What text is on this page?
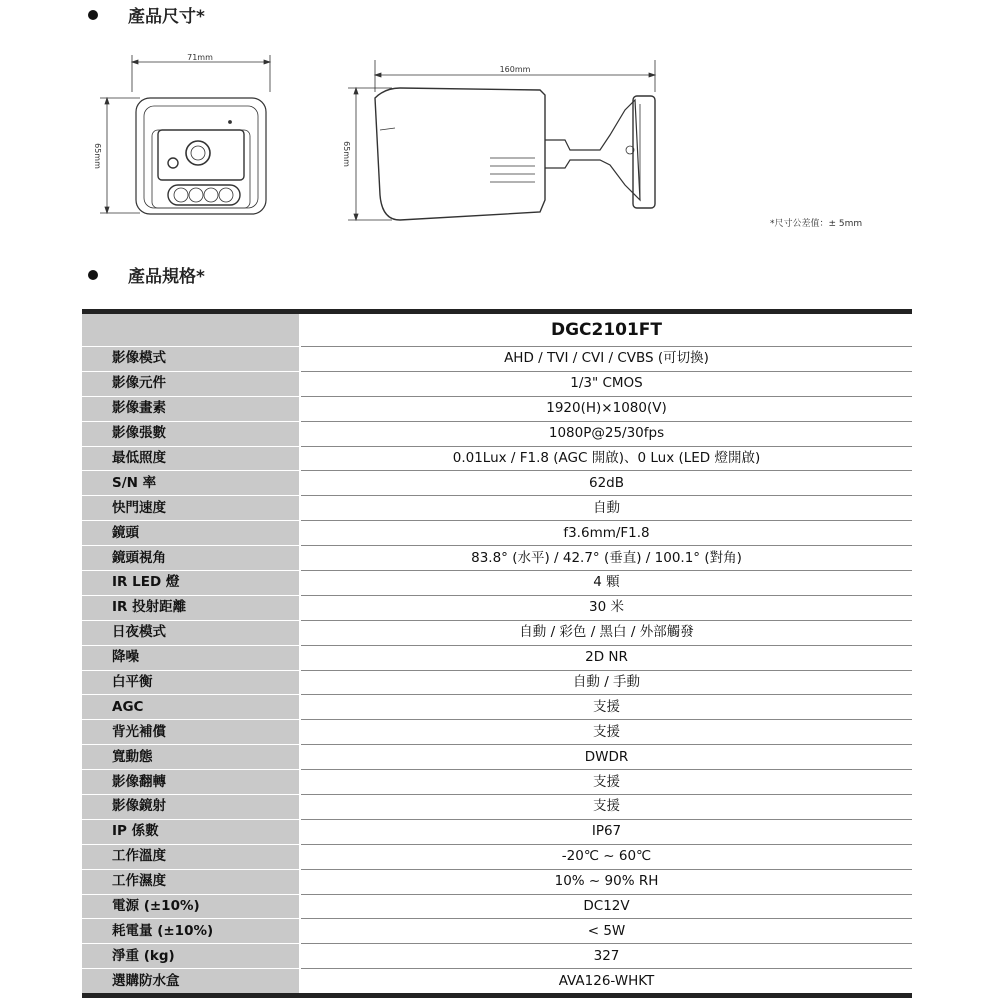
產品尺寸*
71mm
65mm
160mm
65mm
*尺寸公差值：± 5mm
產品規格*
	DGC2101FT
影像模式	AHD / TVI / CVI / CVBS (可切換)
影像元件	1/3" CMOS
影像畫素	1920(H)×1080(V)
影像張數	1080P@25/30fps
最低照度	0.01Lux / F1.8 (AGC 開啟)、0 Lux (LED 燈開啟)
S/N 率	62dB
快門速度	自動
鏡頭	f3.6mm/F1.8
鏡頭視角	83.8° (水平) / 42.7° (垂直) / 100.1° (對角)
IR LED 燈	4 顆
IR 投射距離	30 米
日夜模式	自動 / 彩色 / 黑白 / 外部觸發
降噪	2D NR
白平衡	自動 / 手動
AGC	支援
背光補償	支援
寬動態	DWDR
影像翻轉	支援
影像鏡射	支援
IP 係數	IP67
工作溫度	-20℃ ~ 60℃
工作濕度	10% ~ 90% RH
電源 (±10%)	DC12V
耗電量 (±10%)	< 5W
淨重 (kg)	327
選購防水盒	AVA126-WHKT
